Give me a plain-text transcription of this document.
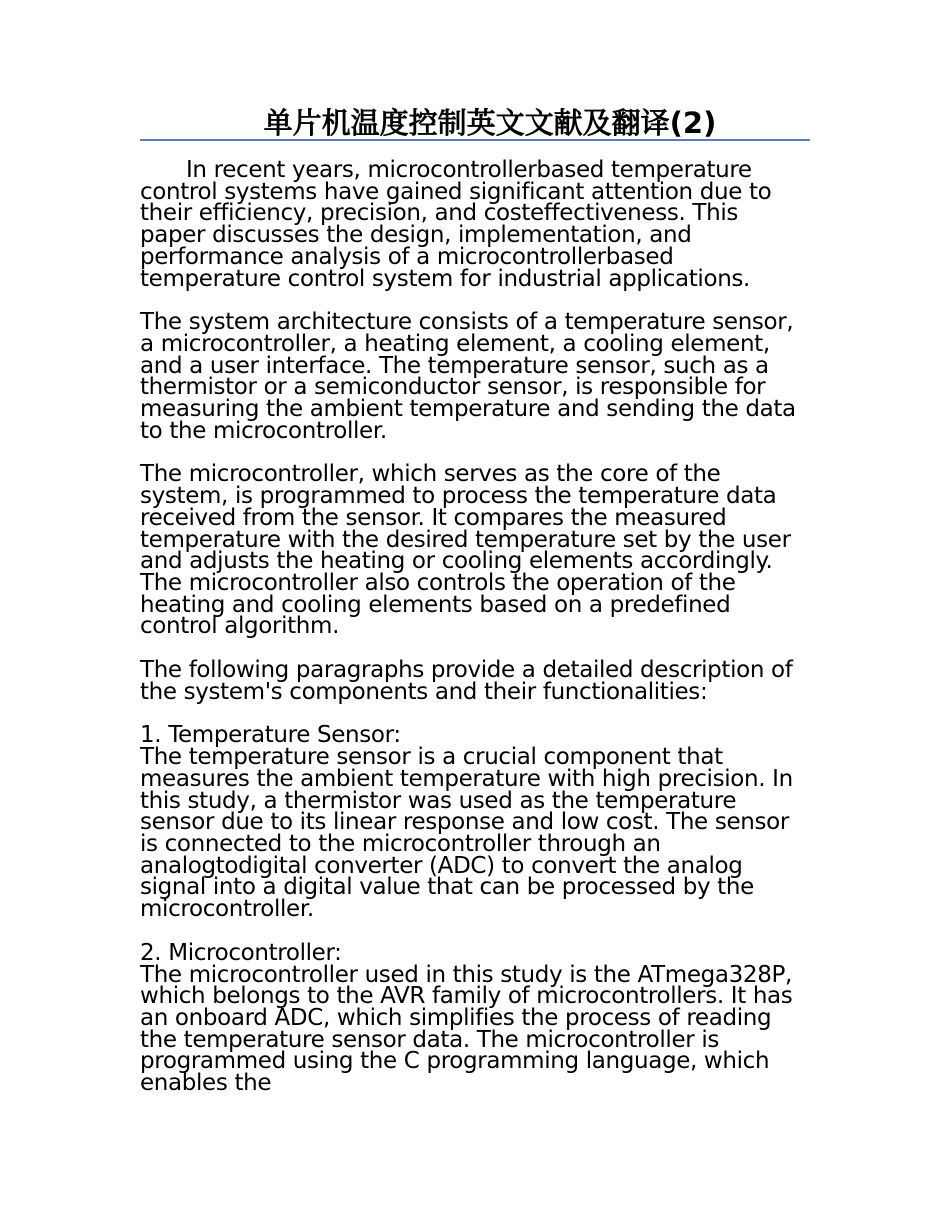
单片机温度控制英文文献及翻译(2)

In recent years, microcontrollerbased temperature control systems have gained significant attention due to their efficiency, precision, and costeffectiveness. This paper discusses the design, implementation, and performance analysis of a microcontrollerbased temperature control system for industrial applications.

The system architecture consists of a temperature sensor, a microcontroller, a heating element, a cooling element, and a user interface. The temperature sensor, such as a thermistor or a semiconductor sensor, is responsible for measuring the ambient temperature and sending the data to the microcontroller.

The microcontroller, which serves as the core of the system, is programmed to process the temperature data received from the sensor. It compares the measured temperature with the desired temperature set by the user and adjusts the heating or cooling elements accordingly. The microcontroller also controls the operation of the heating and cooling elements based on a predefined control algorithm.

The following paragraphs provide a detailed description of the system's components and their functionalities:

1. Temperature Sensor:

The temperature sensor is a crucial component that measures the ambient temperature with high precision. In this study, a thermistor was used as the temperature sensor due to its linear response and low cost. The sensor is connected to the microcontroller through an analogtodigital converter (ADC) to convert the analog signal into a digital value that can be processed by the microcontroller.

2. Microcontroller:

The microcontroller used in this study is the ATmega328P, which belongs to the AVR family of microcontrollers. It has an onboard ADC, which simplifies the process of reading the temperature sensor data. The microcontroller is programmed using the C programming language, which enables the
